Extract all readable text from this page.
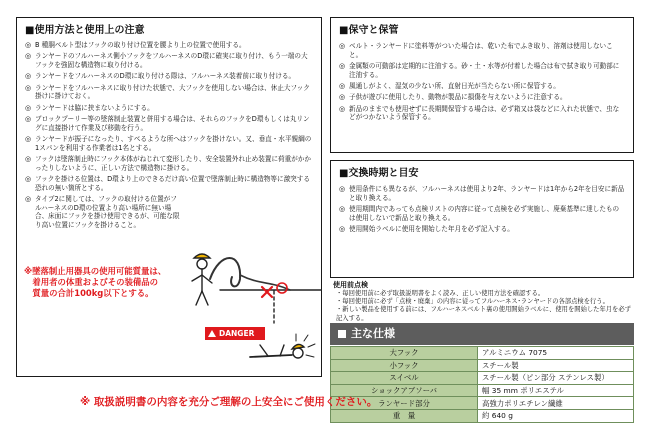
■使用方法と使用上の注意
◎ B 種胴ベルト型はフックの取り付け位置を腰より上の位置で使用する。
◎ ランヤードのフルハーネス側小フックをフルハーネスのD環に確実に取り付け、もう一端の大フックを強固な構造物に取り付ける。
◎ ランヤードをフルハーネスのD環に取り付ける際は、フルハーネス装着前に取り付ける。
◎ ランヤードをフルハーネスに取り付けた状態で、大フックを使用しない場合は、休止大フック掛けに掛けておく。
◎ ランヤードは脇に挟まないようにする。
◎ ブロックプーリー等の墜落制止装置と併用する場合は、それらのフックをD環もしくは丸リングに直接掛けて作業及び移動を行う。
◎ ランヤードが振子になったり、すべるような所へはフックを掛けない。又、垂直・水平親綱の1スパンを利用する作業者は1名とする。
◎ フックは墜落制止時にフック本体がねじれて変形したり、安全装置外れ止め装置に荷重がかかったりしないように、正しい方法で構造物に掛ける。
◎ フックを掛ける位置は、D環より上のできるだけ高い位置で墜落制止時に構造物等に激突する恐れの無い箇所とする。
◎ タイプ2に関しては、フックの取付ける位置がフルハーネスのD環の位置より高い場所に無い場合、床面にフックを掛け使用できるが、可能な限り高い位置にフックを掛けること。
※墜落制止用器具の使用可能質量は、
　着用者の体重およびその装備品の
　質量の合計100kg以下とする。
DANGER
■保守と保管
◎ ベルト・ランヤードに塗料等がついた場合は、乾いた布でふき取り、溶剤は使用しないこと。
◎ 金属類の可動部は定期的に注油する。砂・土・水等が付着した場合は布で拭き取り可動部に注油する。
◎ 風通しがよく、湿気の少ない所、直射日光が当たらない所に保管する。
◎ 子供が遊びに使用したり、動物が製品に損傷を与えないように注意する。
◎ 新品のままでも使用せずに長期間保管する場合は、必ず箱又は袋などに入れた状態で、虫などがつかないよう保管する。
■交換時期と目安
◎ 使用条件にも異なるが、フルハーネスは使用より2年、ランヤードは1年から2年を目安に新品と取り換える。
◎ 使用期間内であっても点検リストの内容に従って点検を必ず実施し、廃棄基準に達したものは使用しないで新品と取り換える。
◎ 使用開始ラベルに使用を開始した年月を必ず記入する。
使用前点検
・毎回使用前に必ず取扱説明書をよく読み、正しい使用方法を確認する。
・毎回使用前に必ず「点検・廃棄」の内容に従ってフルハーネス･ランヤードの各部点検を行う。
・新しい製品を使用する前には、フルハーネスベルト裏の使用開始ラベルに、使用を開始した年月を必ず記入する。
主な仕様
大フック	アルミニウム 7075
小フック	スチール製
スイベル	スチール製（ピン部分 ステンレス製）
ショックアブソーバ	幅 35 mm ポリエステル
ランヤード部分	高強力ポリエチレン繊維
重　量	約 640 g
※ 取扱説明書の内容を充分ご理解の上安全にご使用ください。
